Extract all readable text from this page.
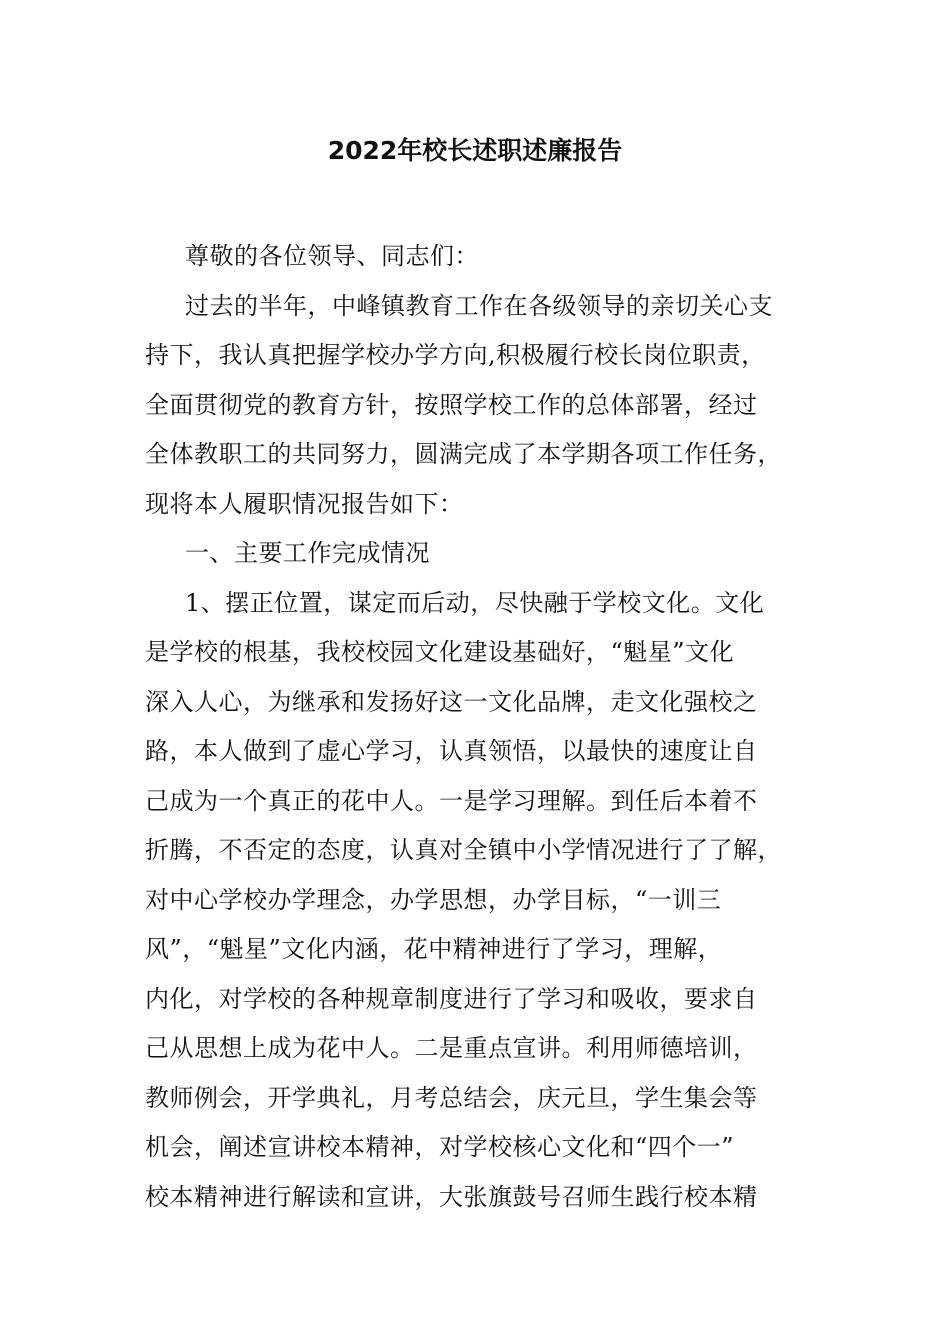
2022年校长述职述廉报告
尊敬的各位领导、同志们：
过去的半年，中峰镇教育工作在各级领导的亲切关心支
持下，我认真把握学校办学方向,积极履行校长岗位职责，
全面贯彻党的教育方针，按照学校工作的总体部署，经过
全体教职工的共同努力，圆满完成了本学期各项工作任务，
现将本人履职情况报告如下：
一、主要工作完成情况
1、摆正位置，谋定而后动，尽快融于学校文化。文化
是学校的根基，我校校园文化建设基础好，“魁星”文化
深入人心，为继承和发扬好这一文化品牌，走文化强校之
路，本人做到了虚心学习，认真领悟，以最快的速度让自
己成为一个真正的花中人。一是学习理解。到任后本着不
折腾，不否定的态度，认真对全镇中小学情况进行了了解，
对中心学校办学理念，办学思想，办学目标，“一训三
风”，“魁星”文化内涵，花中精神进行了学习，理解，
内化，对学校的各种规章制度进行了学习和吸收，要求自
己从思想上成为花中人。二是重点宣讲。利用师德培训，
教师例会，开学典礼，月考总结会，庆元旦，学生集会等
机会，阐述宣讲校本精神，对学校核心文化和“四个一”
校本精神进行解读和宣讲，大张旗鼓号召师生践行校本精
